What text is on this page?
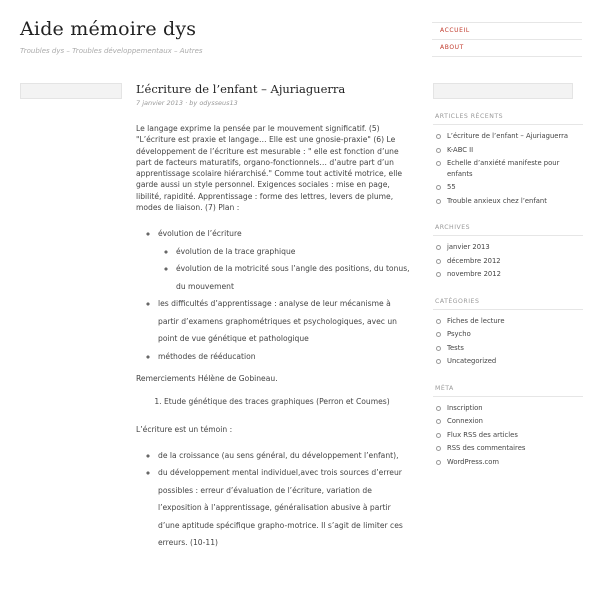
Aide mémoire dys
Troubles dys – Troubles développementaux – Autres
ACCUEIL
ABOUT
L’écriture de l’enfant – Ajuriaguerra
7 janvier 2013 · by odysseus13

Le langage exprime la pensée par le mouvement significatif. (5) "L’écriture est praxie et langage… Elle est une gnosie-praxie" (6) Le développement de l’écriture est mesurable : " elle est fonction d’une part de facteurs maturatifs, organo-fonctionnels… d’autre part d’un apprentissage scolaire hiérarchisé." Comme tout activité motrice, elle garde aussi un style personnel. Exigences sociales : mise en page, libilité, rapidité. Apprentissage : forme des lettres, levers de plume, modes de liaison. (7) Plan :

◦ évolution de l’écriture
◦ évolution de la trace graphique
◦ évolution de la motricité sous l’angle des positions, du tonus, du mouvement
◦ les difficultés d’apprentissage : analyse de leur mécanisme à partir d’examens graphométriques et psychologiques, avec un point de vue génétique et pathologique
◦ méthodes de rééducation

Remerciements Hélène de Gobineau.

1. Etude génétique des traces graphiques (Perron et Coumes)

L’écriture est un témoin :

◦ de la croissance (au sens général, du développement l’enfant),
◦ du développement mental individuel,avec trois sources d’erreur possibles : erreur d’évaluation de l’écriture, variation de l’exposition à l’apprentissage, généralisation abusive à partir d’une aptitude spécifique grapho-motrice. Il s’agit de limiter ces erreurs. (10-11)
ARTICLES RÉCENTS
L’écriture de l’enfant – Ajuriaguerra
K-ABC II
Echelle d’anxiété manifeste pour enfants
55
Trouble anxieux chez l’enfant
ARCHIVES
janvier 2013
décembre 2012
novembre 2012
CATÉGORIES
Fiches de lecture
Psycho
Tests
Uncategorized
MÉTA
Inscription
Connexion
Flux RSS des articles
RSS des commentaires
WordPress.com
